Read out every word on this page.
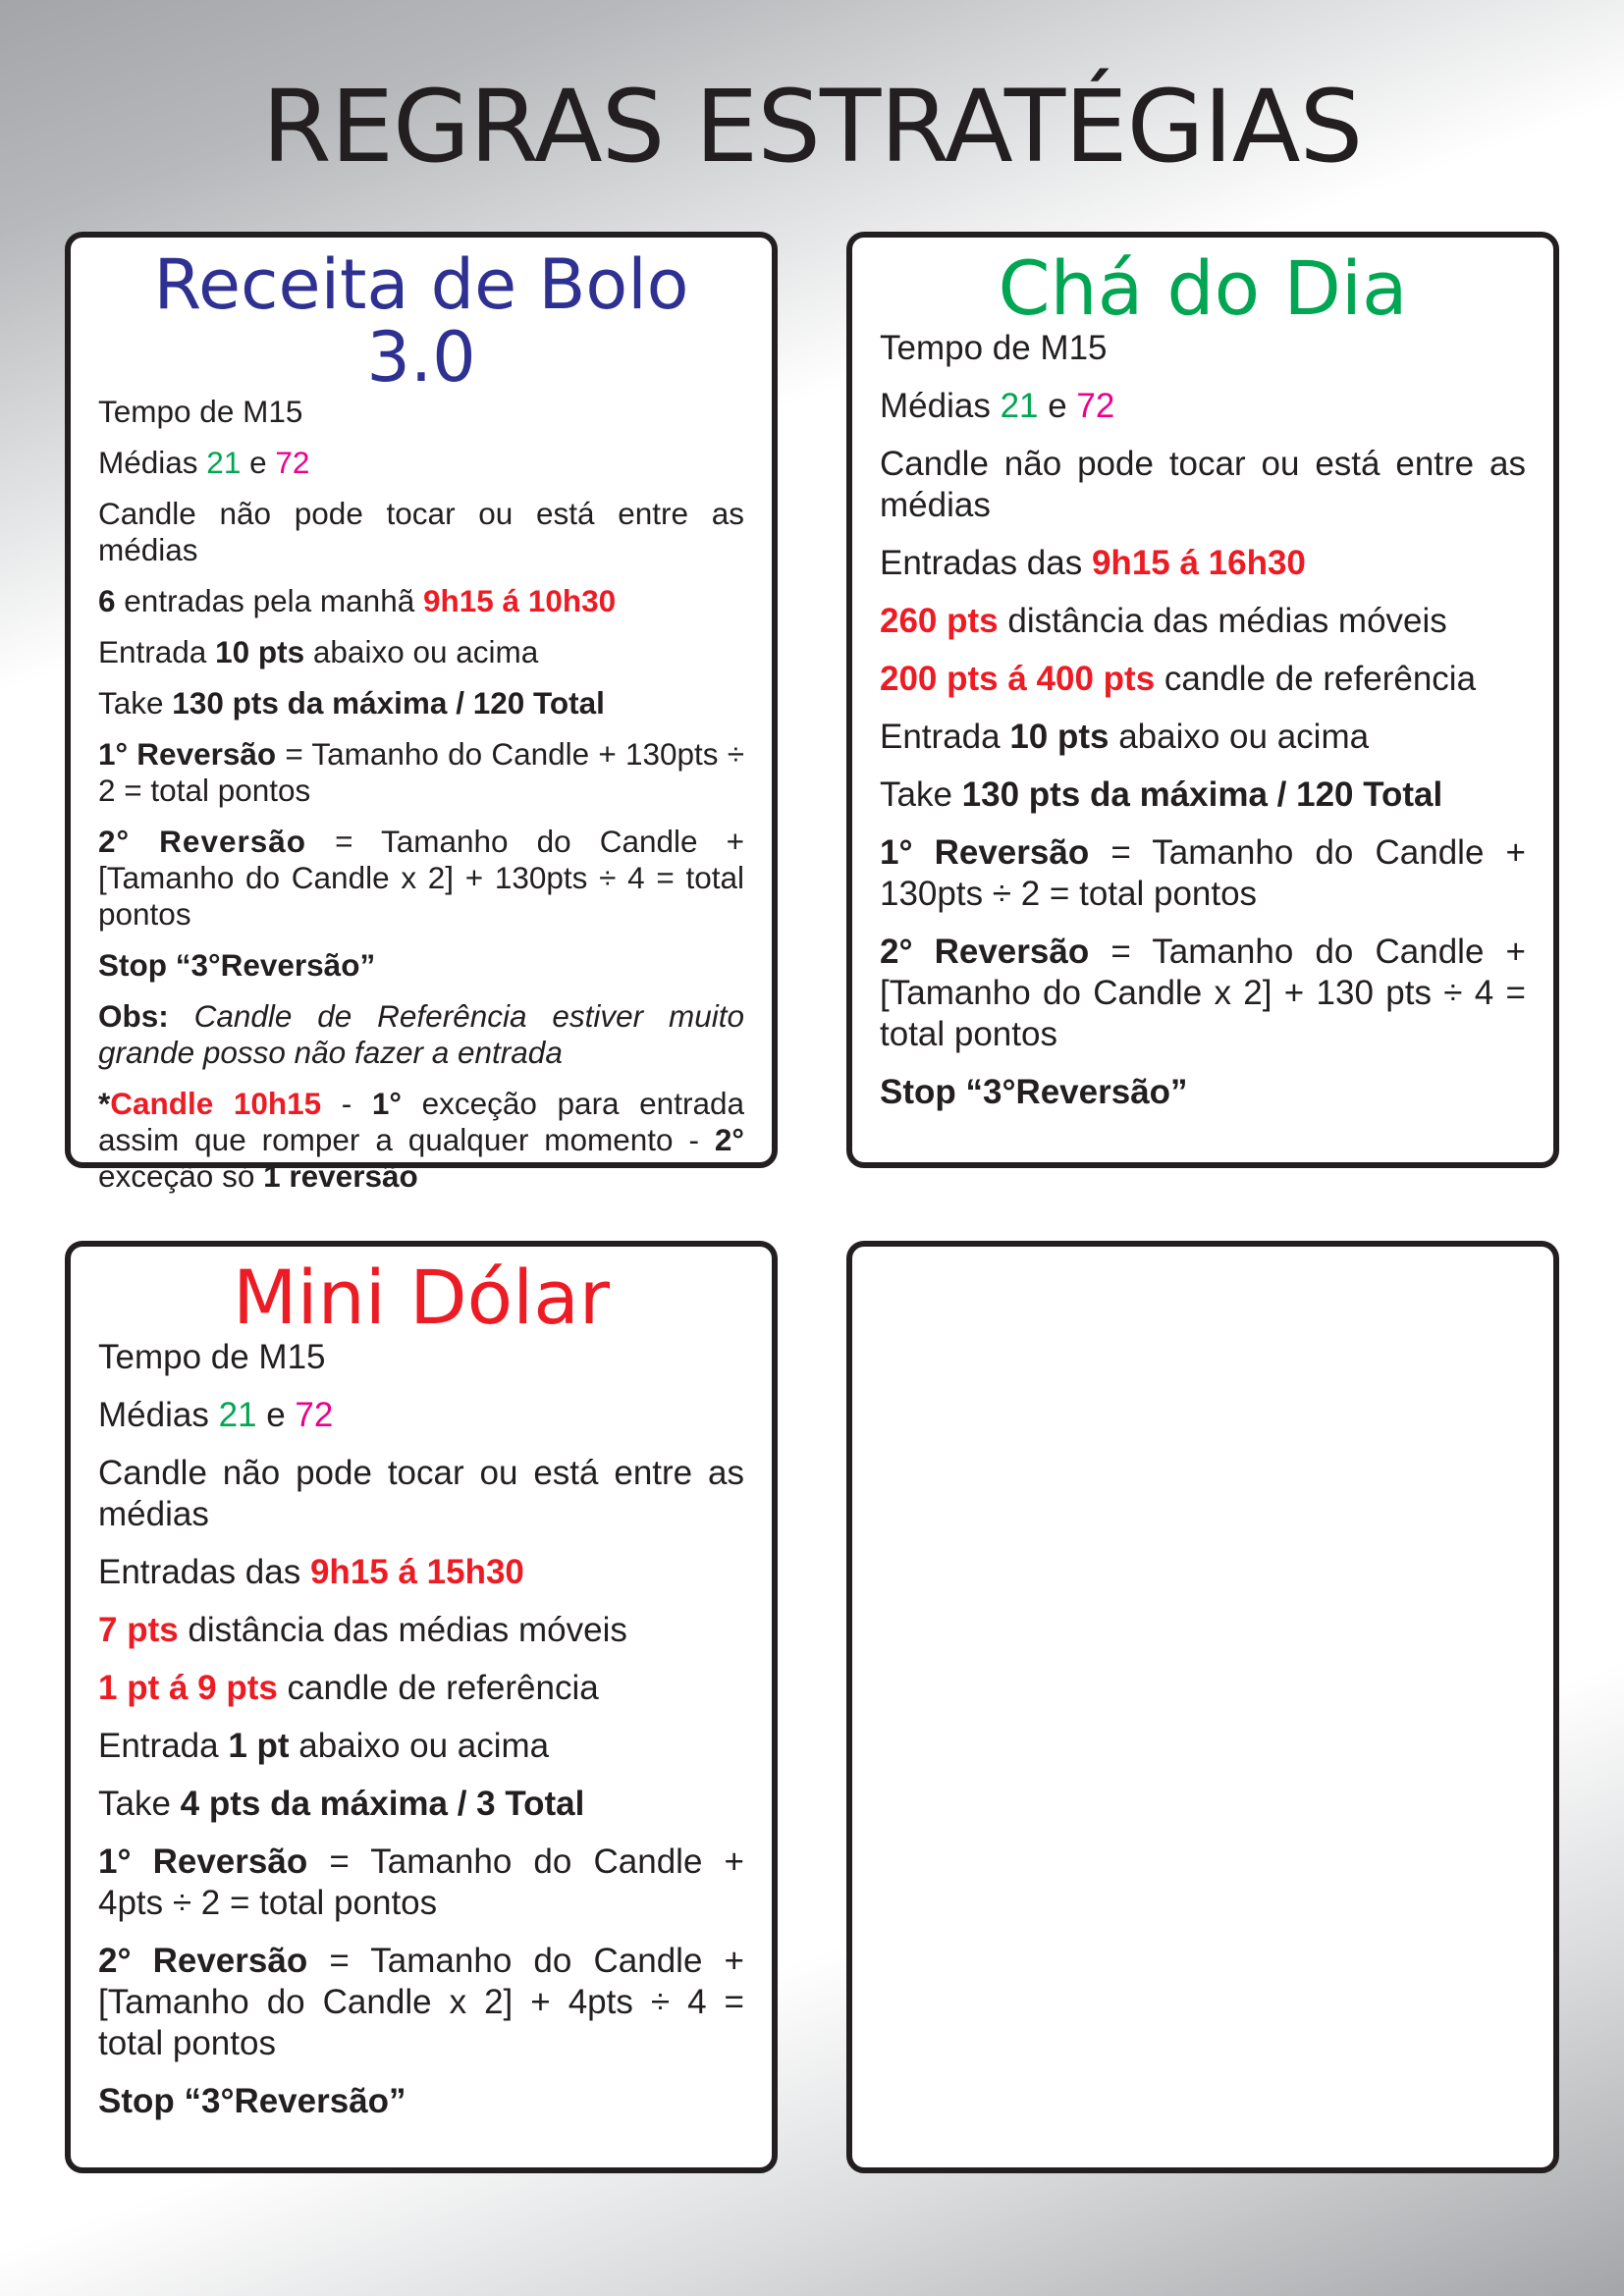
REGRAS ESTRATÉGIAS
Receita de Bolo 3.0
Tempo de M15
Médias 21 e 72
Candle não pode tocar ou está entre as médias
6 entradas pela manhã 9h15 á 10h30
Entrada 10 pts abaixo ou acima
Take 130 pts da máxima / 120 Total
1° Reversão = Tamanho do Candle + 130pts ÷ 2 = total pontos
2° Reversão = Tamanho do Candle + [Tamanho do Candle x 2] + 130pts ÷ 4 = total pontos
Stop “3°Reversão”
Obs: Candle de Referência estiver muito grande posso não fazer a entrada
*Candle 10h15 - 1° exceção para entrada assim que romper a qualquer momento - 2° exceção só 1 reversão
Chá do Dia
Tempo de M15
Médias 21 e 72
Candle não pode tocar ou está entre as médias
Entradas das 9h15 á 16h30
260 pts distância das médias móveis
200 pts á 400 pts candle de referência
Entrada 10 pts abaixo ou acima
Take 130 pts da máxima / 120 Total
1° Reversão = Tamanho do Candle + 130pts ÷ 2 = total pontos
2° Reversão = Tamanho do Candle + [Tamanho do Candle x 2] + 130 pts ÷ 4 = total pontos
Stop “3°Reversão”
Mini Dólar
Tempo de M15
Médias 21 e 72
Candle não pode tocar ou está entre as médias
Entradas das 9h15 á 15h30
7 pts distância das médias móveis
1 pt á 9 pts candle de referência
Entrada 1 pt abaixo ou acima
Take 4 pts da máxima / 3 Total
1° Reversão = Tamanho do Candle + 4pts ÷ 2 = total pontos
2° Reversão = Tamanho do Candle + [Tamanho do Candle x 2] + 4pts ÷ 4 = total pontos
Stop “3°Reversão”
